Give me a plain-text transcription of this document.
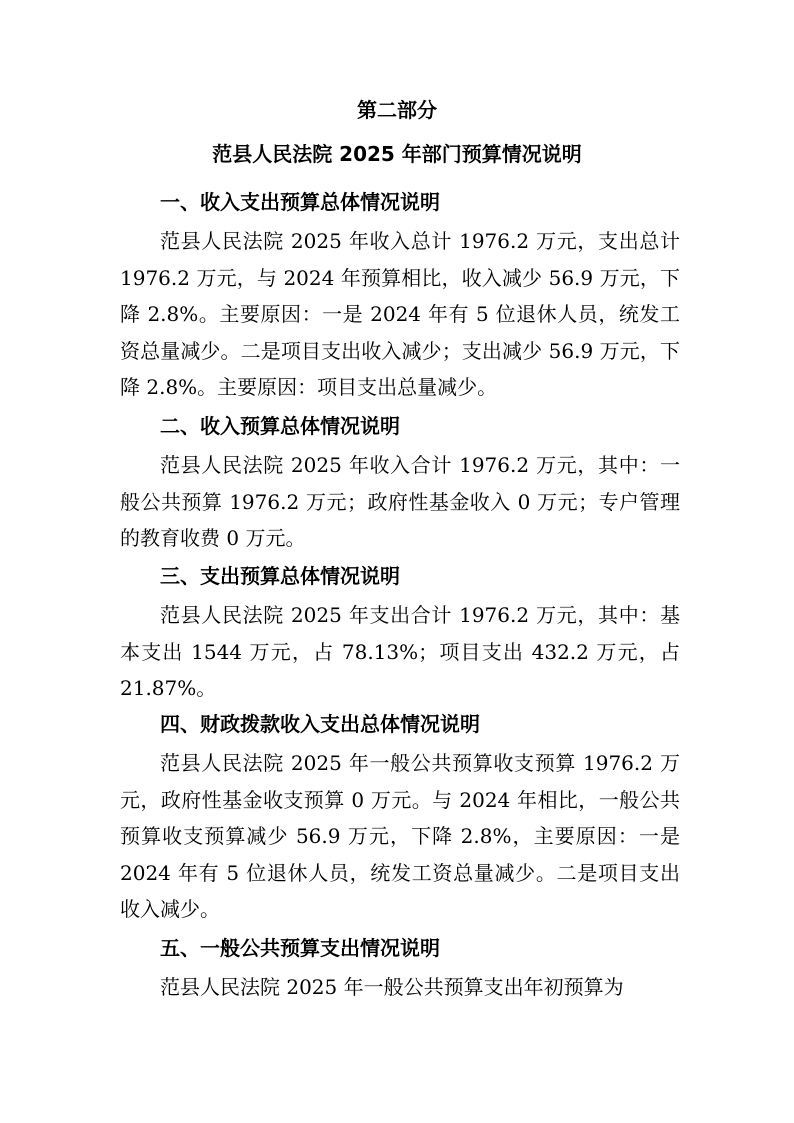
第二部分
范县人民法院 2025 年部门预算情况说明
一、收入支出预算总体情况说明
范县人民法院 2025 年收入总计 1976.2 万元，支出总计 1976.2 万元，与 2024 年预算相比，收入减少 56.9 万元，下降 2.8%。主要原因：一是 2024 年有 5 位退休人员，统发工资总量减少。二是项目支出收入减少；支出减少 56.9 万元，下降 2.8%。主要原因：项目支出总量减少。
二、收入预算总体情况说明
范县人民法院 2025 年收入合计 1976.2 万元，其中：一般公共预算 1976.2 万元；政府性基金收入 0 万元；专户管理的教育收费 0 万元。
三、支出预算总体情况说明
范县人民法院 2025 年支出合计 1976.2 万元，其中：基本支出 1544 万元，占 78.13%；项目支出 432.2 万元，占 21.87%。
四、财政拨款收入支出总体情况说明
范县人民法院 2025 年一般公共预算收支预算 1976.2 万元，政府性基金收支预算 0 万元。与 2024 年相比，一般公共预算收支预算减少 56.9 万元，下降 2.8%，主要原因：一是 2024 年有 5 位退休人员，统发工资总量减少。二是项目支出收入减少。
五、一般公共预算支出情况说明
范县人民法院 2025 年一般公共预算支出年初预算为
